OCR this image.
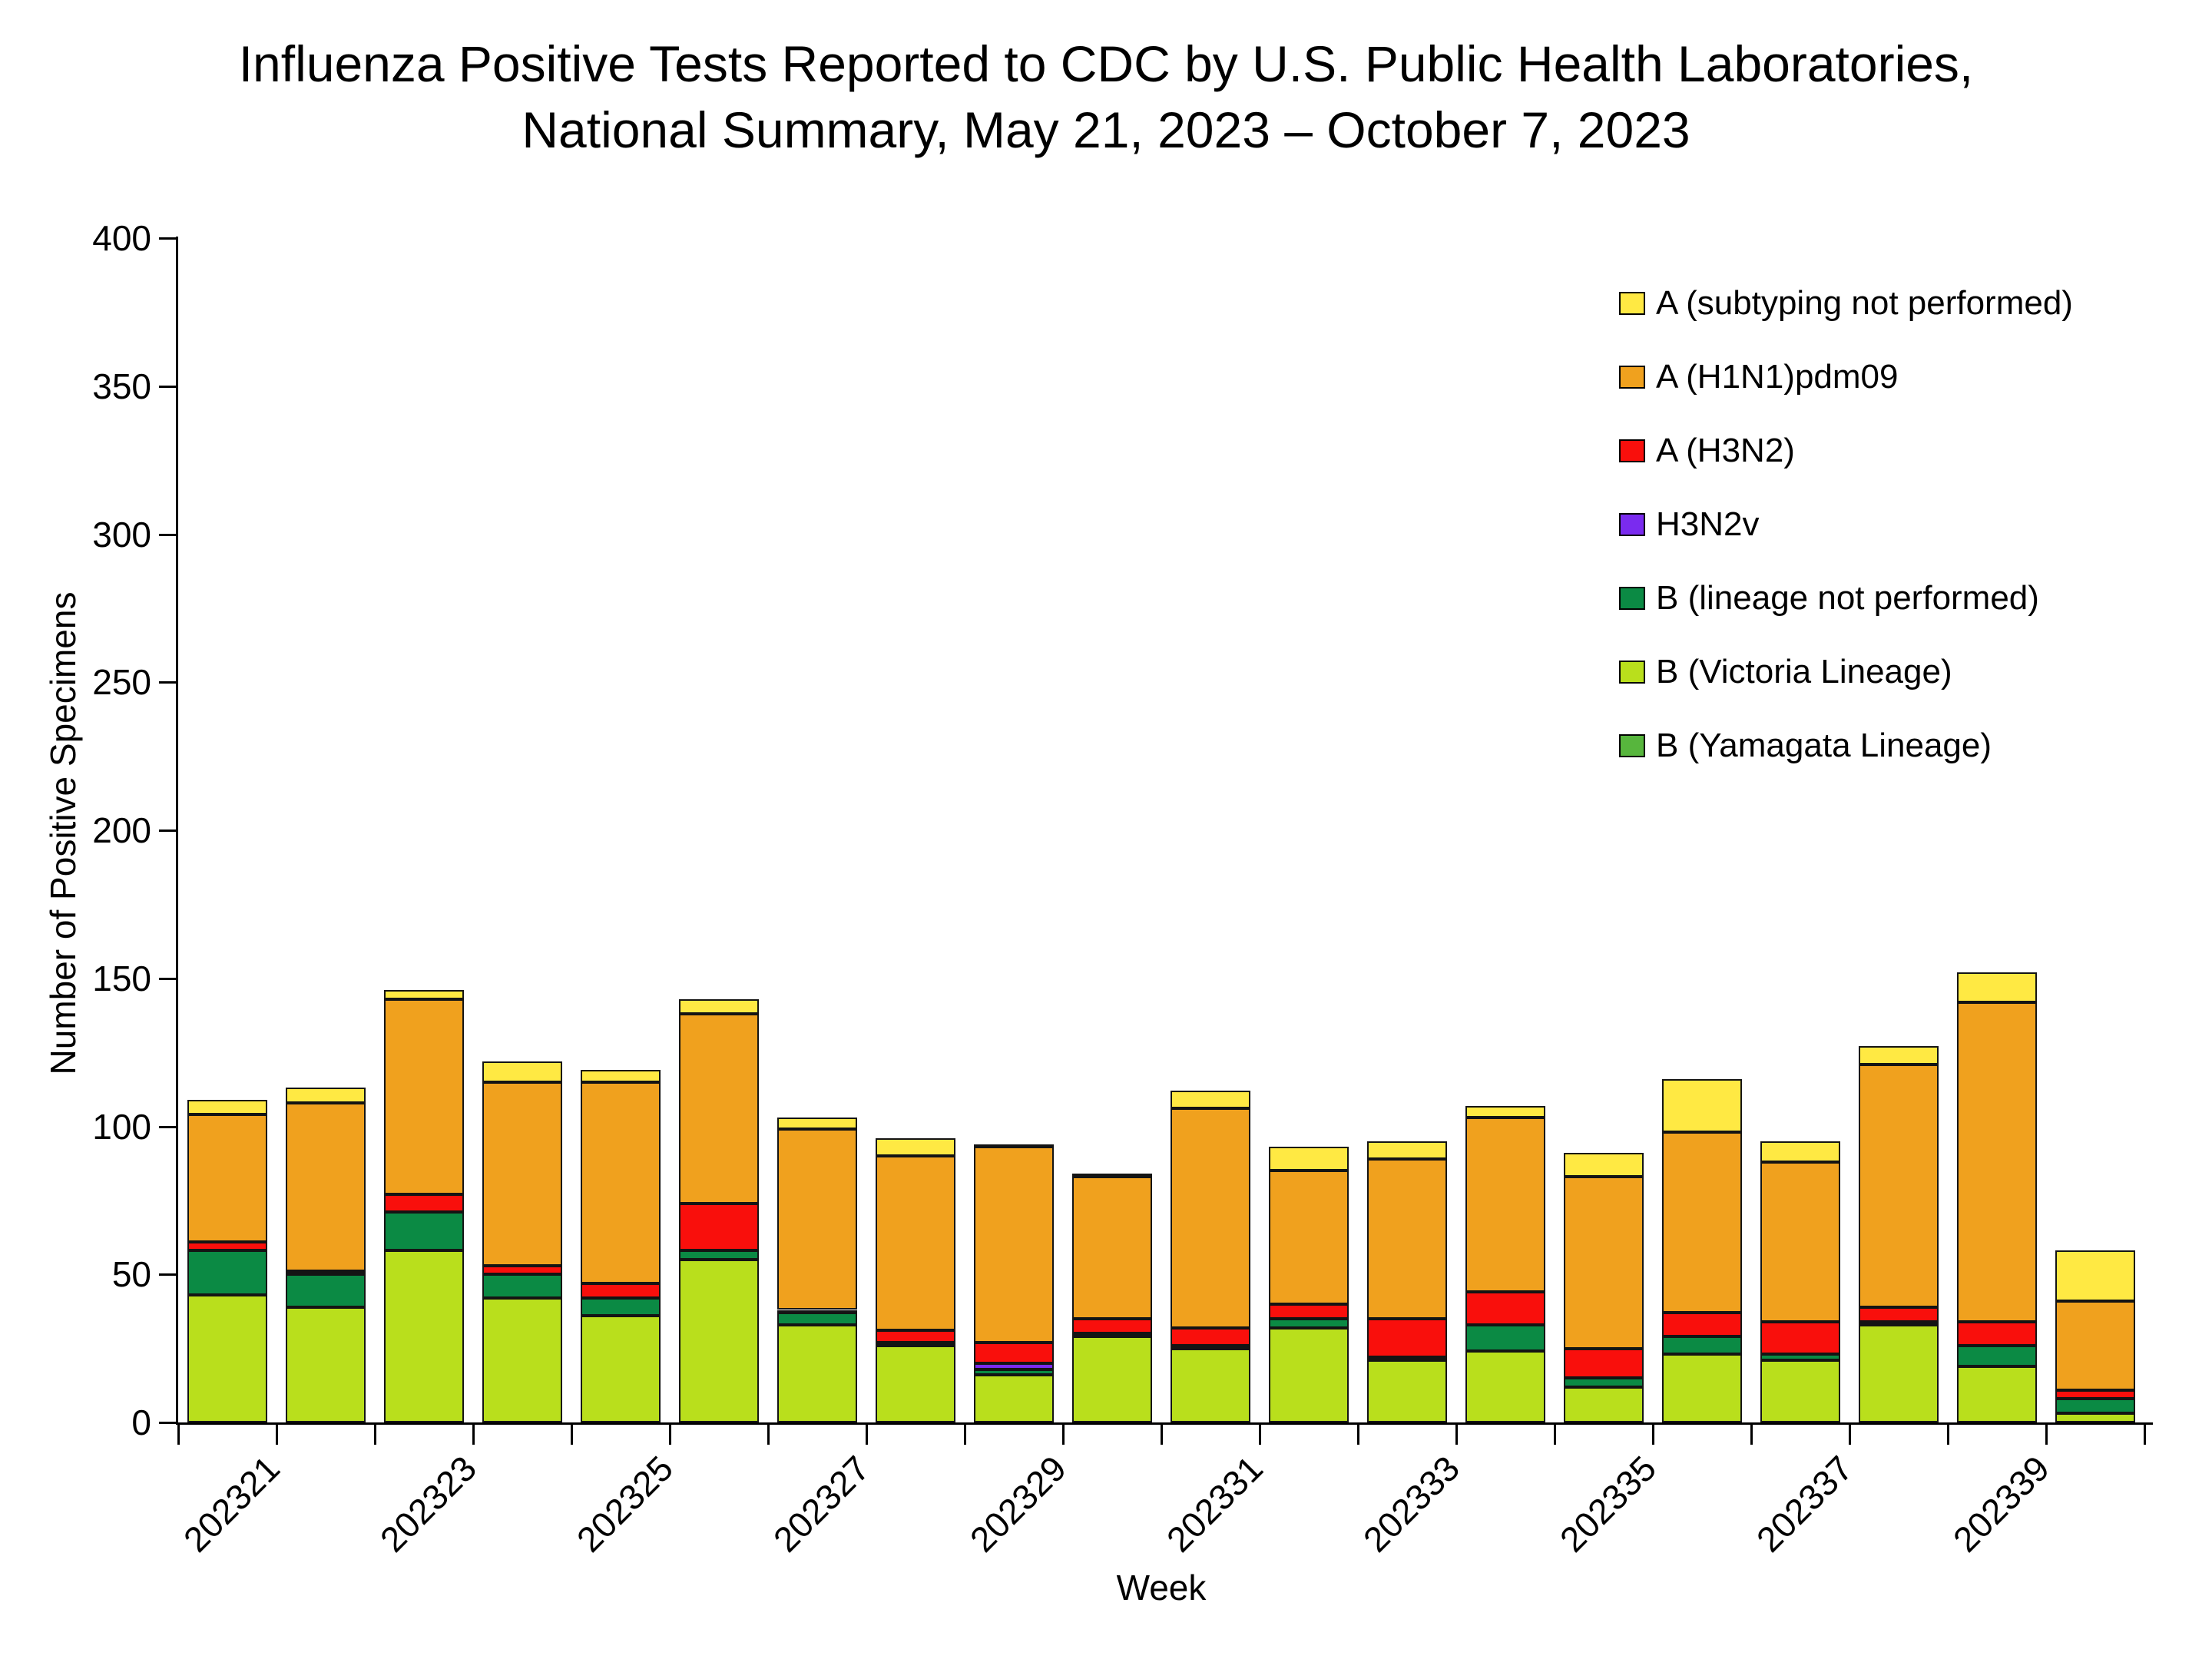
Influenza Positive Tests Reported to CDC by U.S. Public Health Laboratories,
National Summary, May 21, 2023 – October 7, 2023
Number of Positive Specimens
Week
0
50
100
150
200
250
300
350
400
202321	202323	202325	202327	202329	202331	202333	202335	202337	202339
A (subtyping not performed)
A (H1N1)pdm09
A (H3N2)
H3N2v
B (lineage not performed)
B (Victoria Lineage)
B (Yamagata Lineage)
